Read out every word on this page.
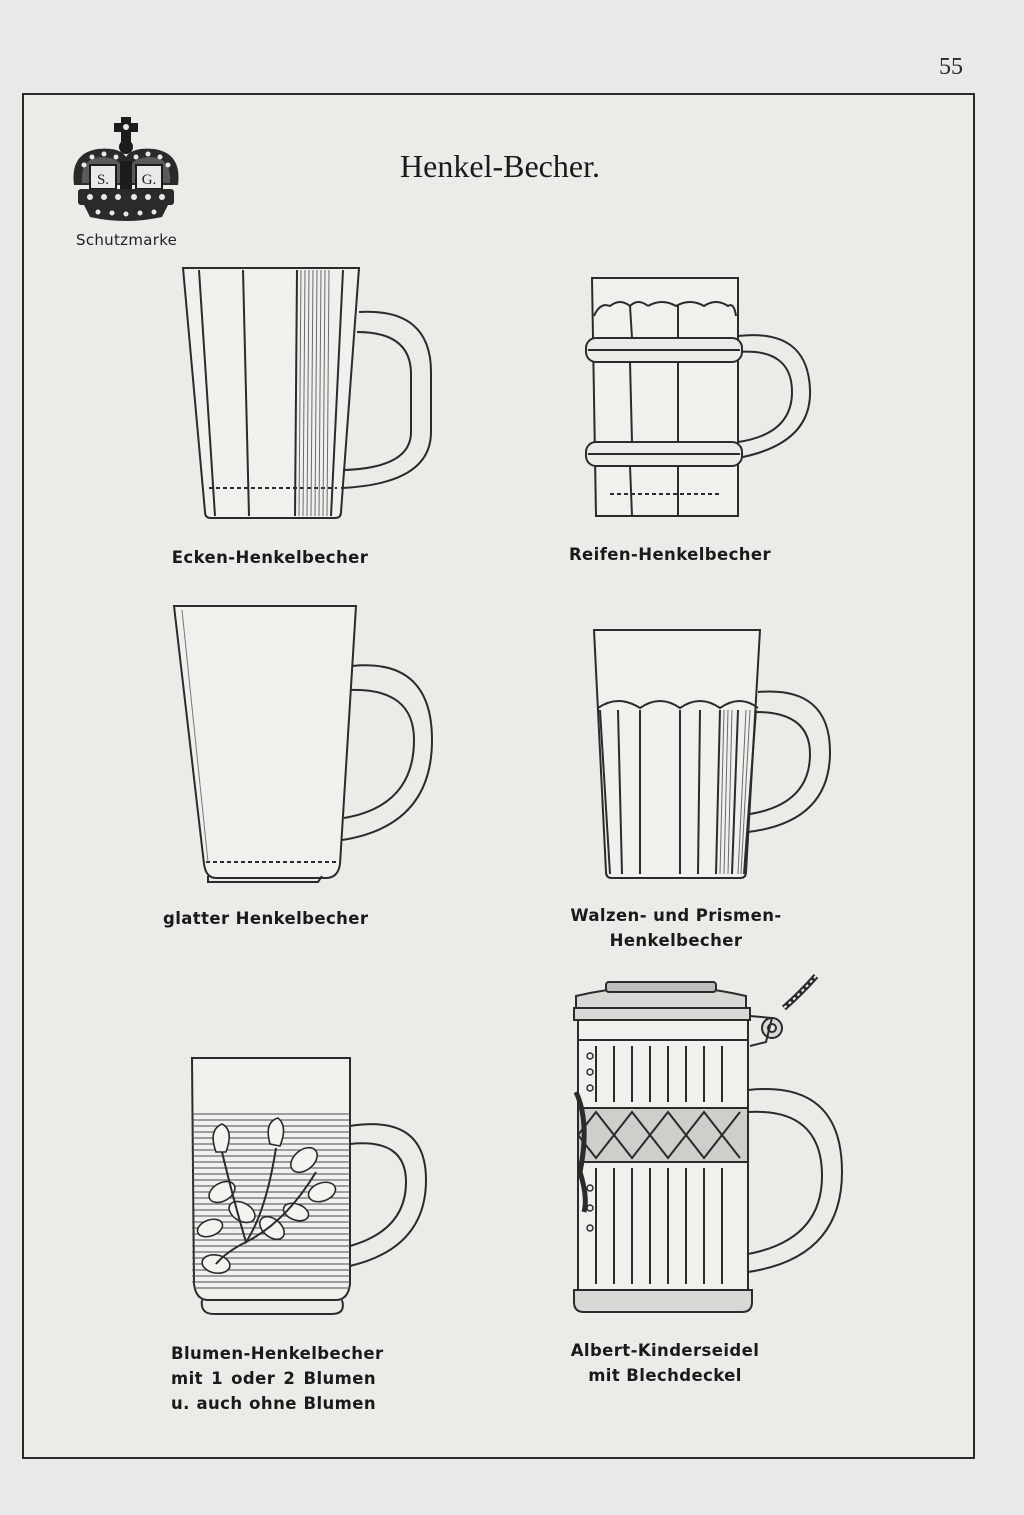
55
S. G.
Schutzmarke
Henkel-Becher.
Ecken-Henkelbecher	Reifen-Henkelbecher
glatter Henkelbecher	Walzen- und Prismen-
Henkelbecher
Blumen-Henkelbecher
mit 1 oder 2 Blumen
u. auch ohne Blumen
Albert-Kinderseidel
mit Blechdeckel
